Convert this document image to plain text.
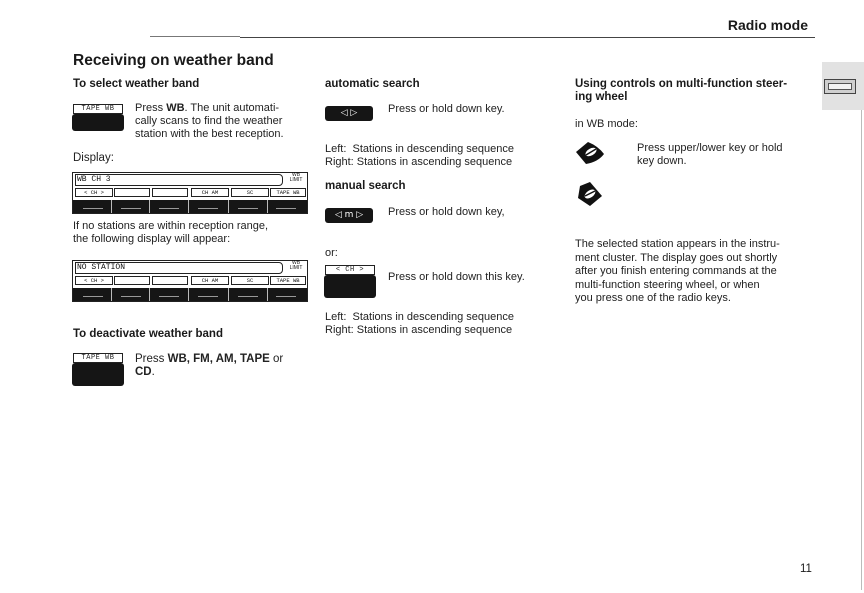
Radio mode
Receiving on weather band
To select weather band
TAPE WB	Press WB. The unit automati-
cally scans to find the weather
station with the best reception.
Display:
WB CH 3	WB LIMIT
< CH >	CH AM	SC	TAPE WB
If no stations are within reception range,
the following display will appear:
NO STATION	WB LIMIT
< CH >	CH AM	SC	TAPE WB
To deactivate weather band
TAPE WB	Press WB, FM, AM, TAPE or
CD.
automatic search
◁ ▷	Press or hold down key.
Left:  Stations in descending sequence
Right: Stations in ascending sequence
manual search
◁ m ▷	Press or hold down key,
or:
< CH >
Press or hold down this key.
Left:  Stations in descending sequence
Right: Stations in ascending sequence
Using controls on multi-function steer-
ing wheel
in WB mode:
Press upper/lower key or hold
key down.
The selected station appears in the instru-
ment cluster. The display goes out shortly
after you finish entering commands at the
multi-function steering wheel, or when
you press one of the radio keys.
11
